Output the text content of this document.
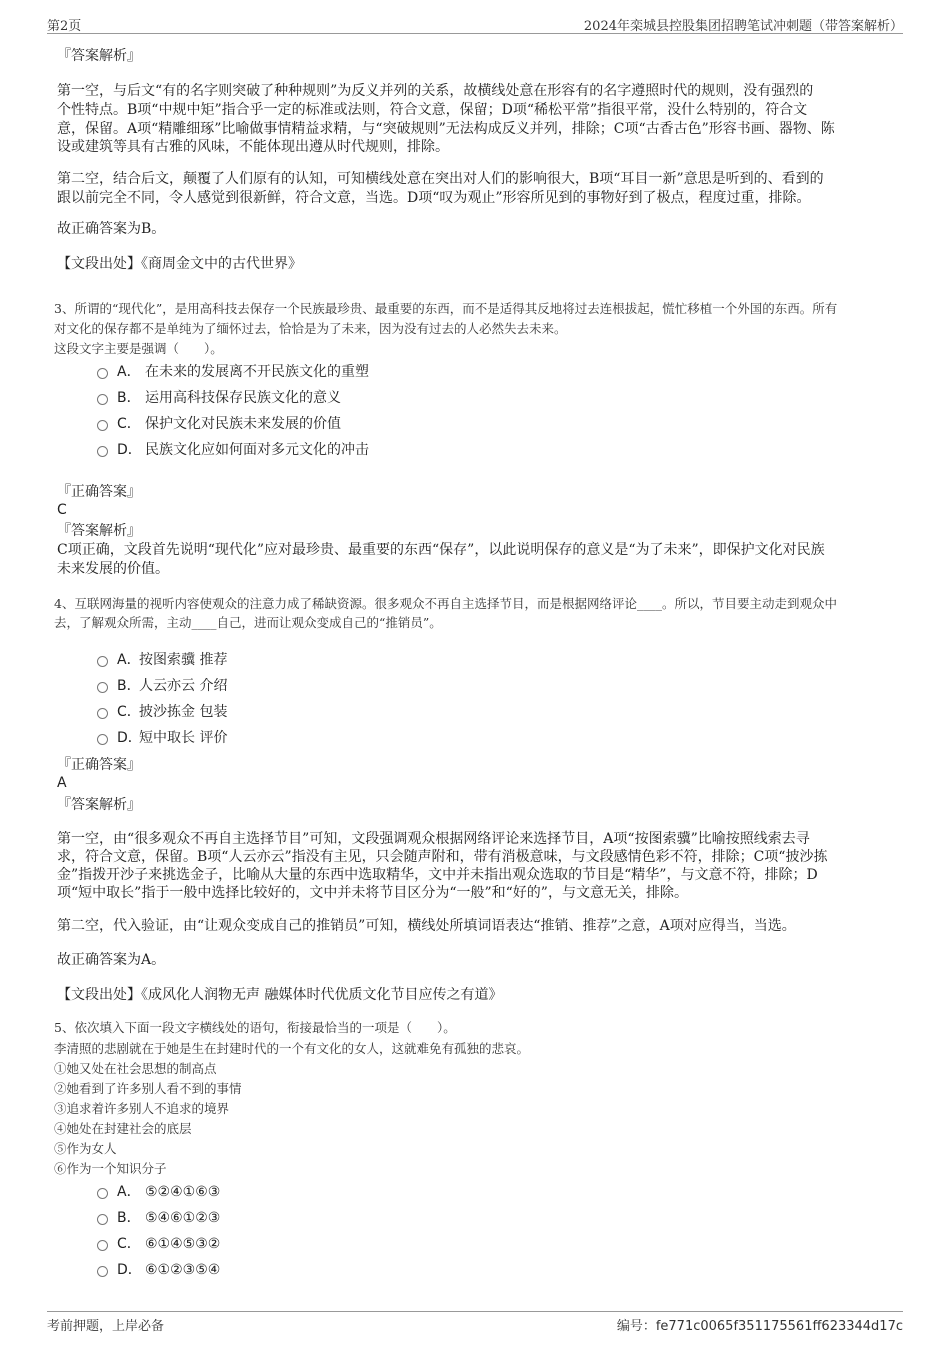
第2页	2024年栾城县控股集团招聘笔试冲刺题（带答案解析）

『答案解析』

第一空，与后文“有的名字则突破了种种规则”为反义并列的关系，故横线处意在形容有的名字遵照时代的规则，没有强烈的

个性特点。B项“中规中矩”指合乎一定的标准或法则，符合文意，保留；D项“稀松平常”指很平常，没什么特别的，符合文

意，保留。A项“精雕细琢”比喻做事情精益求精，与“突破规则”无法构成反义并列，排除；C项“古香古色”形容书画、器物、陈

设或建筑等具有古雅的风味，不能体现出遵从时代规则，排除。

第二空，结合后文，颠覆了人们原有的认知，可知横线处意在突出对人们的影响很大，B项“耳目一新”意思是听到的、看到的

跟以前完全不同，令人感觉到很新鲜，符合文意，当选。D项“叹为观止”形容所见到的事物好到了极点，程度过重，排除。

故正确答案为B。

【文段出处】《商周金文中的古代世界》

3、所谓的“现代化”，是用高科技去保存一个民族最珍贵、最重要的东西，而不是适得其反地将过去连根拔起，慌忙移植一个外国的东西。所有

对文化的保存都不是单纯为了缅怀过去，恰恰是为了未来，因为没有过去的人必然失去未来。

这段文字主要是强调（　　）。

A． 在未来的发展离不开民族文化的重塑
B． 运用高科技保存民族文化的意义
C． 保护文化对民族未来发展的价值
D． 民族文化应如何面对多元文化的冲击

『正确答案』

C

『答案解析』

C项正确，文段首先说明“现代化”应对最珍贵、最重要的东西“保存”，以此说明保存的意义是“为了未来”，即保护文化对民族

未来发展的价值。

4、互联网海量的视听内容使观众的注意力成了稀缺资源。很多观众不再自主选择节目，而是根据网络评论____。所以，节目要主动走到观众中

去，了解观众所需，主动____自己，进而让观众变成自己的“推销员”。

A．按图索骥 推荐
B．人云亦云 介绍
C．披沙拣金 包装
D．短中取长 评价

『正确答案』

A

『答案解析』

第一空，由“很多观众不再自主选择节目”可知，文段强调观众根据网络评论来选择节目，A项“按图索骥”比喻按照线索去寻

求，符合文意，保留。B项“人云亦云”指没有主见，只会随声附和，带有消极意味，与文段感情色彩不符，排除；C项“披沙拣

金”指拨开沙子来挑选金子，比喻从大量的东西中选取精华，文中并未指出观众选取的节目是“精华”，与文意不符，排除；D

项“短中取长”指于一般中选择比较好的，文中并未将节目区分为“一般”和“好的”，与文意无关，排除。

第二空，代入验证，由“让观众变成自己的推销员”可知，横线处所填词语表达“推销、推荐”之意，A项对应得当，当选。

故正确答案为A。

【文段出处】《成风化人润物无声 融媒体时代优质文化节目应传之有道》

5、依次填入下面一段文字横线处的语句，衔接最恰当的一项是（　　）。

李清照的悲剧就在于她是生在封建时代的一个有文化的女人，这就难免有孤独的悲哀。

①她又处在社会思想的制高点

②她看到了许多别人看不到的事情

③追求着许多别人不追求的境界

④她处在封建社会的底层

⑤作为女人

⑥作为一个知识分子

A． ⑤②④①⑥③
B． ⑤④⑥①②③
C． ⑥①④⑤③②
D． ⑥①②③⑤④
考前押题，上岸必备	编号：fe771c0065f351175561ff623344d17c
